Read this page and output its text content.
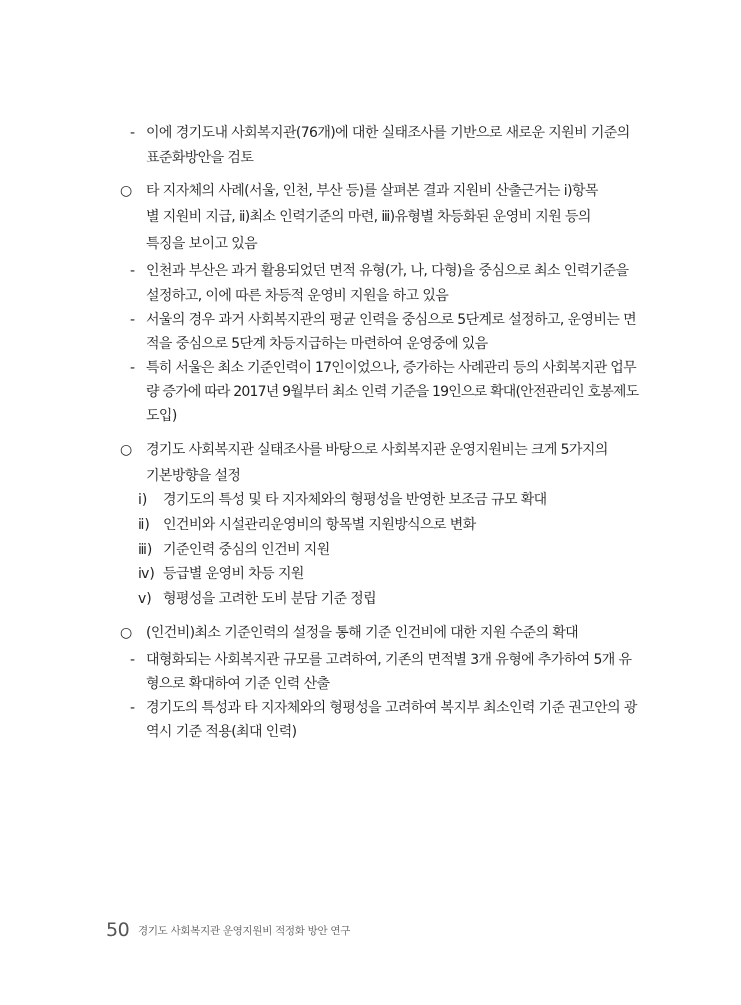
- 이에 경기도내 사회복지관(76개)에 대한 실태조사를 기반으로 새로운 지원비 기준의
표준화방안을 검토
○ 타 지자체의 사례(서울, 인천, 부산 등)를 살펴본 결과 지원비 산출근거는 ⅰ)항목
별 지원비 지급, ⅱ)최소 인력기준의 마련, ⅲ)유형별 차등화된 운영비 지원 등의
특징을 보이고 있음
- 인천과 부산은 과거 활용되었던 면적 유형(가, 나, 다형)을 중심으로 최소 인력기준을
설정하고, 이에 따른 차등적 운영비 지원을 하고 있음
- 서울의 경우 과거 사회복지관의 평균 인력을 중심으로 5단계로 설정하고, 운영비는 면
적을 중심으로 5단계 차등지급하는 마련하여 운영중에 있음
- 특히 서울은 최소 기준인력이 17인이었으나, 증가하는 사례관리 등의 사회복지관 업무
량 증가에 따라 2017년 9월부터 최소 인력 기준을 19인으로 확대(안전관리인 호봉제도
도입)
○ 경기도 사회복지관 실태조사를 바탕으로 사회복지관 운영지원비는 크게 5가지의
기본방향을 설정
ⅰ) 경기도의 특성 및 타 지자체와의 형평성을 반영한 보조금 규모 확대
ⅱ) 인건비와 시설관리운영비의 항목별 지원방식으로 변화
ⅲ) 기준인력 중심의 인건비 지원
ⅳ) 등급별 운영비 차등 지원
ⅴ) 형평성을 고려한 도비 분담 기준 정립
○ (인건비)최소 기준인력의 설정을 통해 기준 인건비에 대한 지원 수준의 확대
- 대형화되는 사회복지관 규모를 고려하여, 기존의 면적별 3개 유형에 추가하여 5개 유
형으로 확대하여 기준 인력 산출
- 경기도의 특성과 타 지자체와의 형평성을 고려하여 복지부 최소인력 기준 권고안의 광
역시 기준 적용(최대 인력)
50 경기도 사회복지관 운영지원비 적정화 방안 연구
